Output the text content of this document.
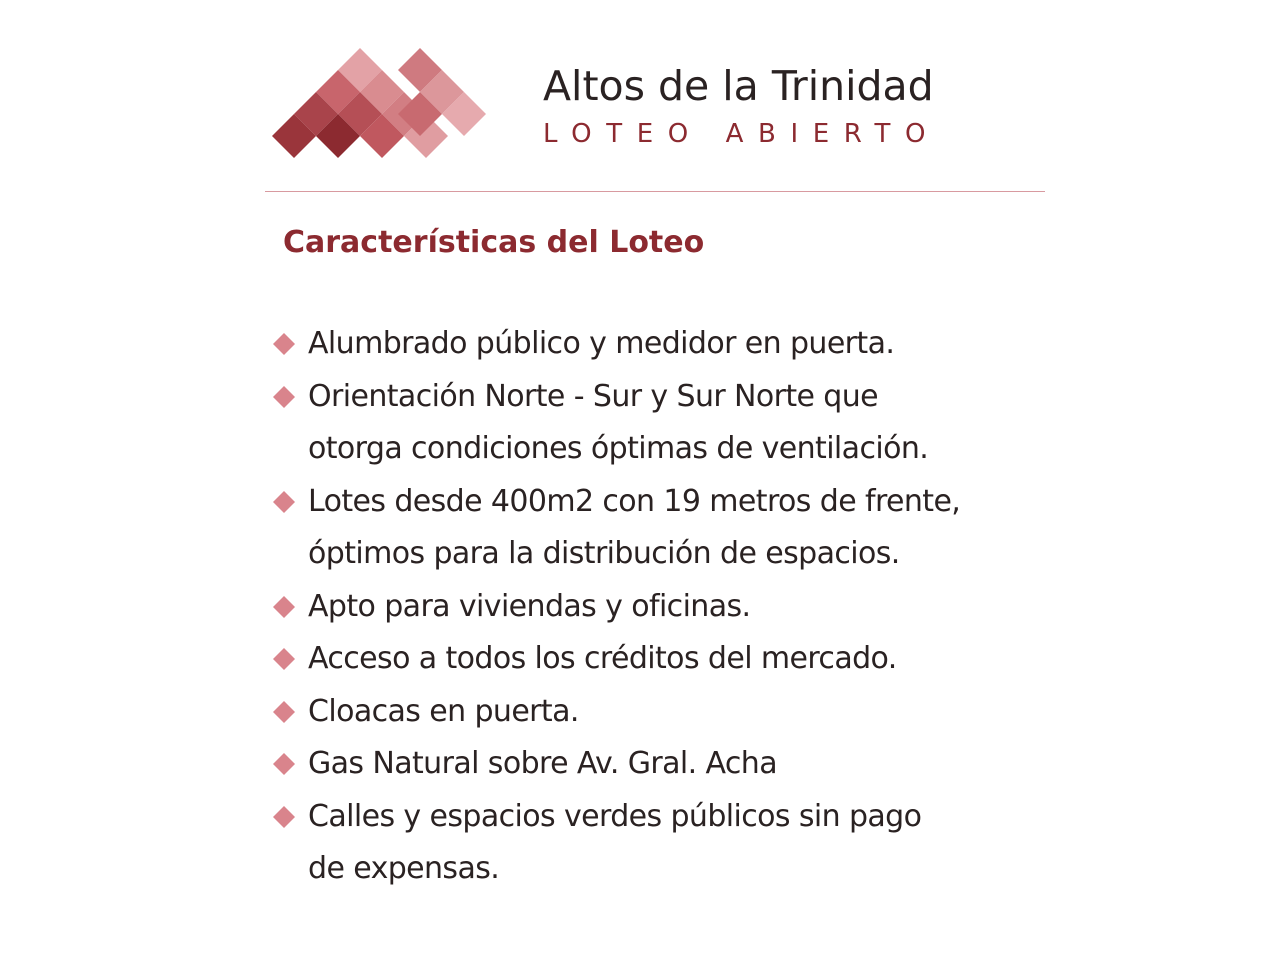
Altos de la Trinidad
LOTEO ABIERTO
Características del Loteo
Alumbrado público y medidor en puerta.
Orientación Norte - Sur y Sur Norte que
otorga condiciones óptimas de ventilación.
Lotes desde 400m2 con 19 metros de frente,
óptimos para la distribución de espacios.
Apto para viviendas y oficinas.
Acceso a todos los créditos del mercado.
Cloacas en puerta.
Gas Natural sobre Av. Gral. Acha
Calles y espacios verdes públicos sin pago
de expensas.
